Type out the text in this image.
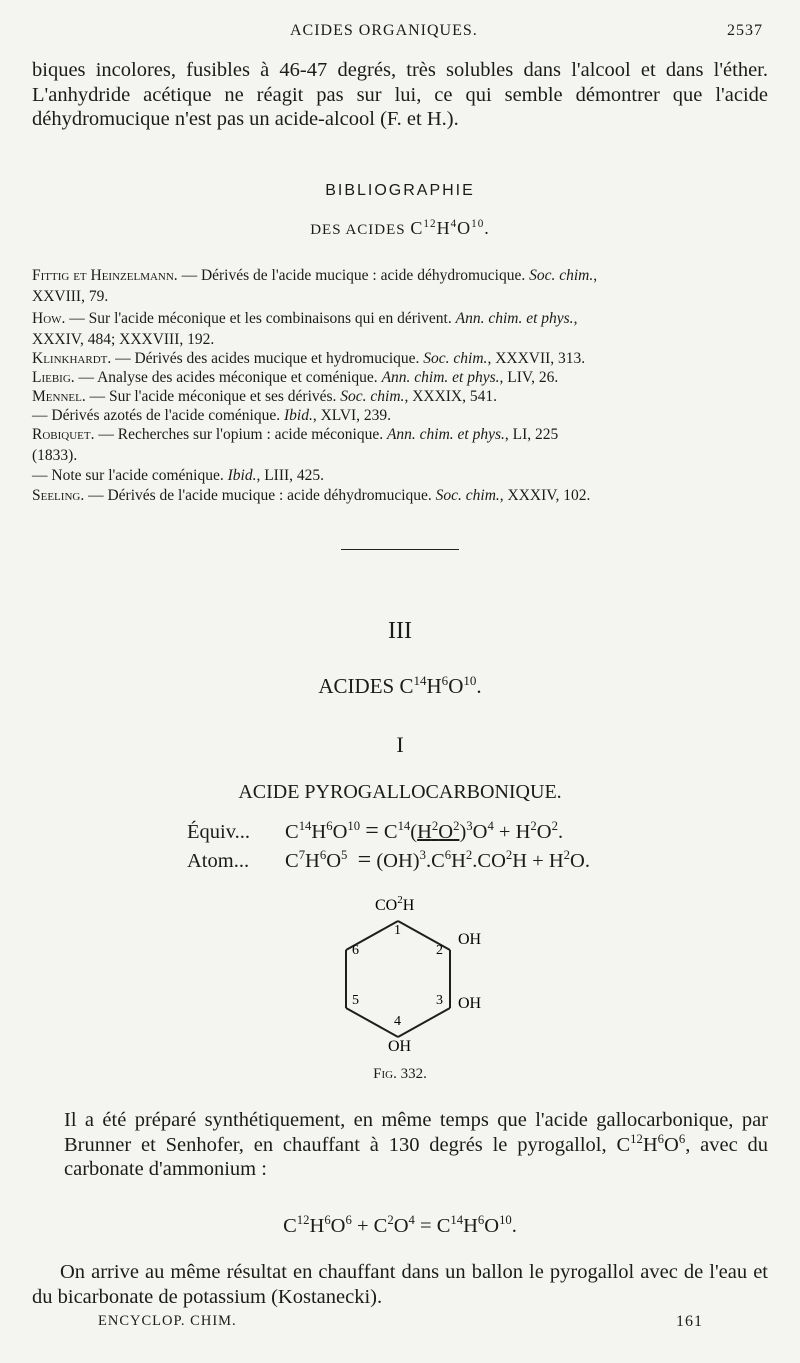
ACIDES ORGANIQUES.	2537
biques incolores, fusibles à 46-47 degrés, très solubles dans l'alcool et dans l'éther. L'anhydride acétique ne réagit pas sur lui, ce qui semble démontrer que l'acide déhydromucique n'est pas un acide-alcool (F. et H.).
BIBLIOGRAPHIE
DES ACIDES $C^{12}H^4O^{10}$.
Fittig et Heinzelmann. — Dérivés de l'acide mucique : acide déhydromucique. Soc. chim.,
XXVIII, 79.
How. — Sur l'acide méconique et les combinaisons qui en dérivent. Ann. chim. et phys.,
XXXIV, 484; XXXVIII, 192.
Klinkhardt. — Dérivés des acides mucique et hydromucique. Soc. chim., XXXVII, 313.
Liebig. — Analyse des acides méconique et coménique. Ann. chim. et phys., LIV, 26.
Mennel. — Sur l'acide méconique et ses dérivés. Soc. chim., XXXIX, 541.
— Dérivés azotés de l'acide coménique. Ibid., XLVI, 239.
Robiquet. — Recherches sur l'opium : acide méconique. Ann. chim. et phys., LI, 225
(1833).
— Note sur l'acide coménique. Ibid., LIII, 425.
Seeling. — Dérivés de l'acide mucique : acide déhydromucique. Soc. chim., XXXIV, 102.
III
ACIDES $C^{14}H^6O^{10}$.
I
ACIDE PYROGALLOCARBONIQUE.
Équiv... $C^{14}H^6O^{10} = C^{14}(H^2O^2)^3O^4 + H^2O^2$.
Atom... $C^7H^6O^5 = (OH)^3.C^6H^2.CO^2H + H^2O$.
$CO^2H$
OH
OH
OH
1
2
3
4
5
6
Fig. 332.
Il a été préparé synthétiquement, en même temps que l'acide gallocarbonique, par Brunner et Senhofer, en chauffant à 130 degrés le pyrogallol, $C^{12}H^6O^6$, avec du carbonate d'ammonium :
$C^{12}H^6O^6 + C^2O^4 = C^{14}H^6O^{10}$.
On arrive au même résultat en chauffant dans un ballon le pyrogallol avec de l'eau et du bicarbonate de potassium (Kostanecki).
ENCYCLOP. CHIM.	161
